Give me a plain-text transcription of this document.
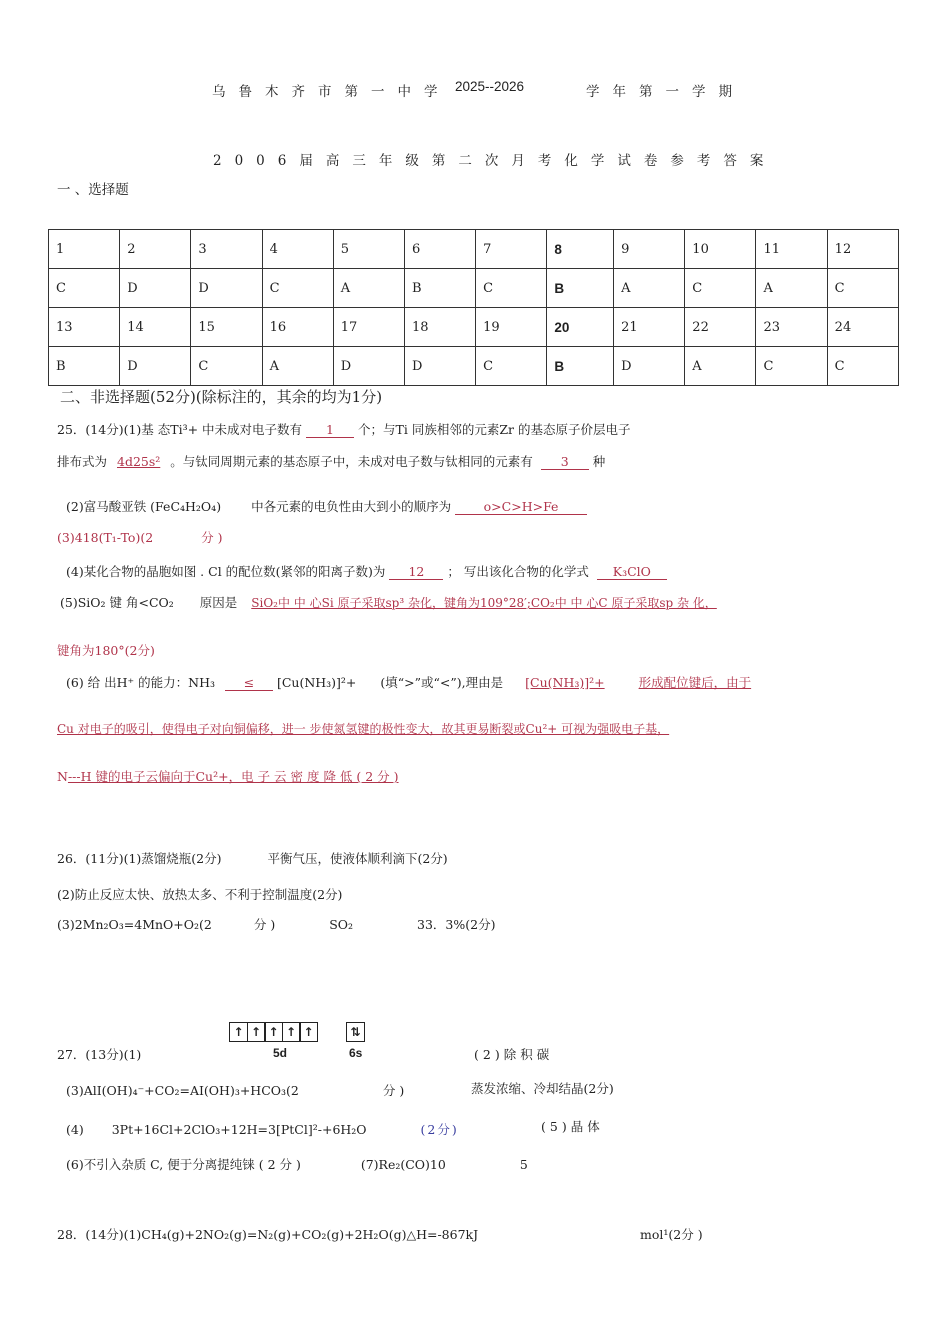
乌鲁木齐市第一中学 2025--2026	学年第一学期
2006届高三年级第二次月考化学试卷参考答案
一 、选择题
1	2	3	4	5	6	7	8	9	10	11	12
C	D	D	C	A	B	C	B	A	C	A	C
13	14	15	16	17	18	19	20	21	22	23	24
B	D	C	A	D	D	C	B	D	A	C	C
二、非选择题(52分)(除标注的，其余的均为1分)
25．(14分)(1)基 态Ti³+ 中未成对电子数有 1 个；与Ti 同族相邻的元素Zr 的基态原子价层电子
排布式为 4d25s² 。与钛同周期元素的基态原子中，未成对电子数与钛相同的元素有 3 种
(2)富马酸亚铁 (FeC₄H₂O₄) 中各元素的电负性由大到小的顺序为	o>C>H>Fe
(3)418(T₁-To)(2	分 )
(4)某化合物的晶胞如图 . Cl 的配位数(紧邻的阳离子数)为 12 ； 写出该化合物的化学式 K₃ClO
(5)SiO₂ 键 角<CO₂ 原因是 SiO₂中 中 心Si 原子采取sp³ 杂化，键角为109°28′;CO₂中 中 心C 原子采取sp 杂 化，
键角为180°(2分)
(6) 给 出H⁺ 的能力：NH₃ ≤ [Cu(NH₃)]²+ (填“>”或“<”),理由是 [Cu(NH₃)]²+	形成配位键后，由于
Cu 对电子的吸引，使得电子对向铜偏移，进一 步使氮氢键的极性变大，故其更易断裂或Cu²+ 可视为强吸电子基，
N---H 键的电子云偏向于Cu²+，电 子 云 密 度 降 低 ( 2 分 )
26．(11分)(1)蒸馏烧瓶(2分)	平衡气压，使液体顺利滴下(2分)
(2)防止反应太快、放热太多、不利于控制温度(2分)
(3)2Mn₂O₃=4MnO+O₂(2	分 )	SO₂	33．3%(2分)
27．(13分)(1)
↑ ↑ ↑ ↑ ↑	⇅
5d	6s	(2)除积碳
(3)AlI(OH)₄⁻+CO₂=AI(OH)₃+HCO₃(2	分 )	蒸发浓缩、冷却结晶(2分)
(4) 3Pt+16Cl+2ClO₃+12H=3[PtCl]²-+6H₂O	(2分)	(5)晶体
(6)不引入杂质 C, 便于分离提纯铼 ( 2 分 )	(7)Re₂(CO)10	5
28．(14分)(1)CH₄(g)+2NO₂(g)=N₂(g)+CO₂(g)+2H₂O(g)△H=-867kJ	mol¹(2分 )
